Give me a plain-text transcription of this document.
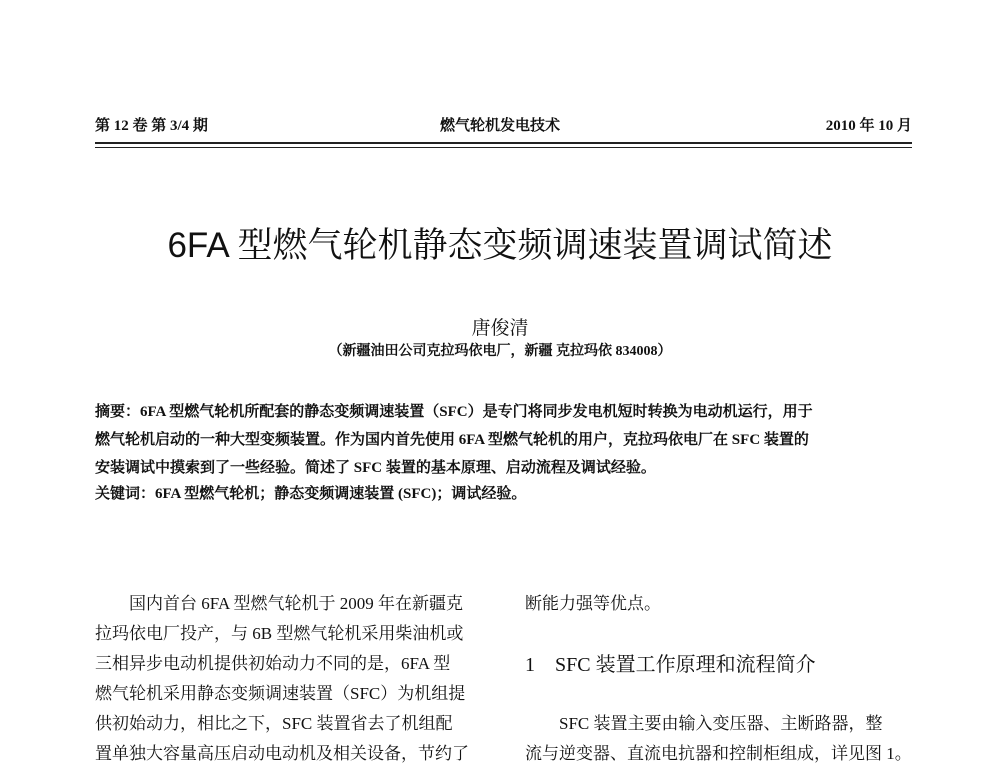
第 12 卷 第 3/4 期	燃气轮机发电技术	2010 年 10 月
6FA 型燃气轮机静态变频调速装置调试简述
唐俊清
（新疆油田公司克拉玛依电厂，新疆 克拉玛依 834008）
摘要：6FA 型燃气轮机所配套的静态变频调速装置（SFC）是专门将同步发电机短时转换为电动机运行，用于
燃气轮机启动的一种大型变频装置。作为国内首先使用 6FA 型燃气轮机的用户，克拉玛依电厂在 SFC 装置的
安装调试中摸索到了一些经验。简述了 SFC 装置的基本原理、启动流程及调试经验。
关键词：6FA 型燃气轮机；静态变频调速装置 (SFC)；调试经验。
　　国内首台 6FA 型燃气轮机于 2009 年在新疆克
拉玛依电厂投产，与 6B 型燃气轮机采用柴油机或
三相异步电动机提供初始动力不同的是，6FA 型
燃气轮机采用静态变频调速装置（SFC）为机组提
供初始动力，相比之下，SFC 装置省去了机组配
置单独大容量高压启动电动机及相关设备，节约了
断能力强等优点。
1　SFC 装置工作原理和流程简介
　　SFC 装置主要由输入变压器、主断路器，整
流与逆变器、直流电抗器和控制柜组成，详见图 1。
